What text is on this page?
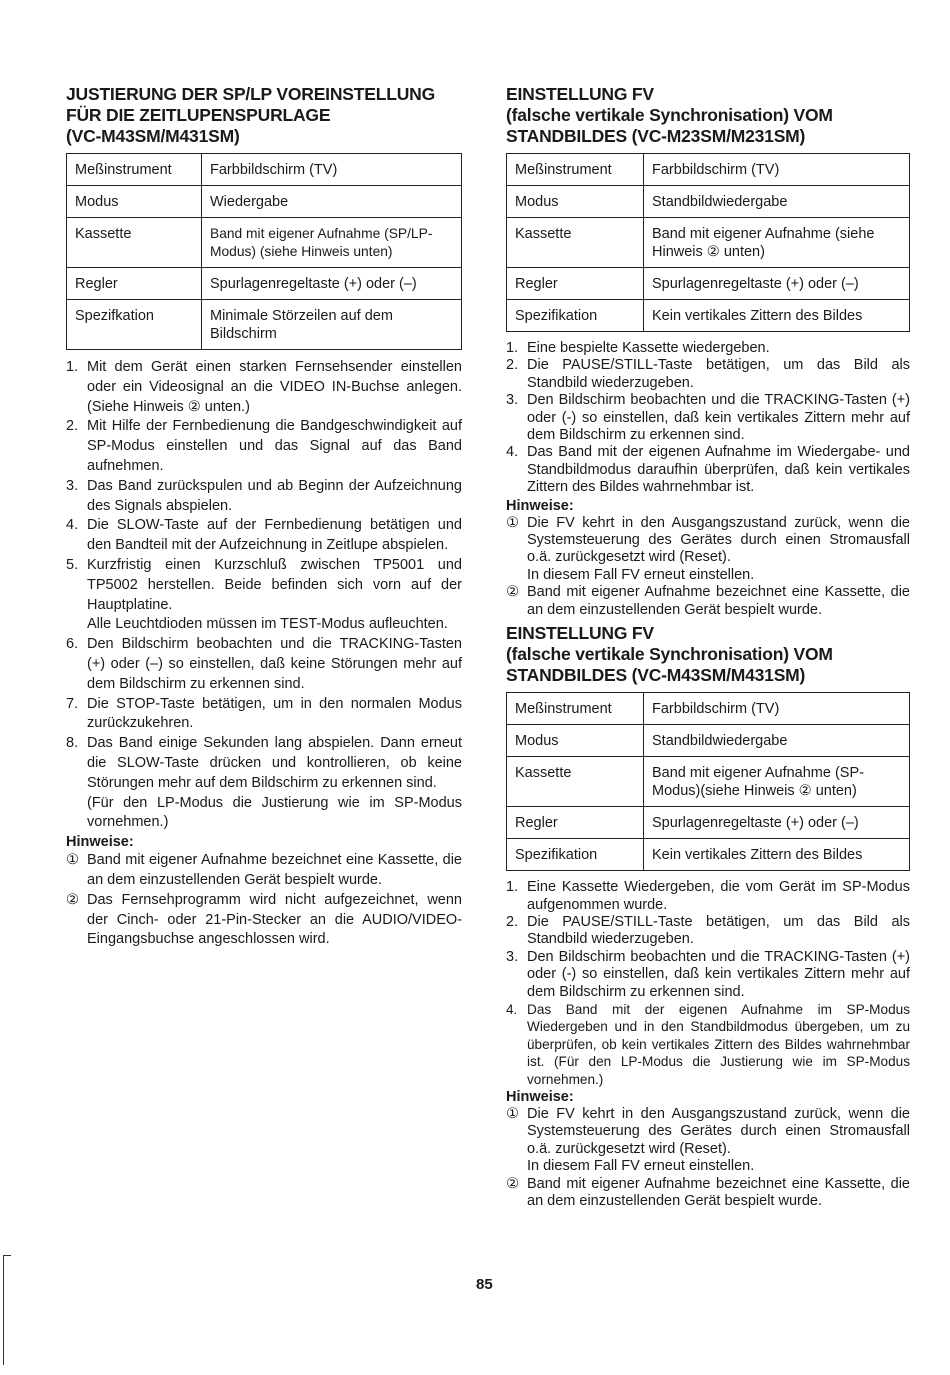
JUSTIERUNG DER SP/LP VOREINSTELLUNG
FÜR DIE ZEITLUPENSPURLAGE
(VC-M43SM/M431SM)
Meßinstrument	Farbbildschirm (TV)
Modus	Wiedergabe
Kassette	Band mit eigener Aufnahme (SP/LP-Modus) (siehe Hinweis unten)
Regler	Spurlagenregeltaste (+) oder (–)
Spezifkation	Minimale Störzeilen auf dem Bildschirm
1. Mit dem Gerät einen starken Fernsehsender einstellen oder ein Videosignal an die VIDEO IN-Buchse anlegen. (Siehe Hinweis ② unten.)
2. Mit Hilfe der Fernbedienung die Bandgeschwindigkeit auf SP-Modus einstellen und das Signal auf das Band aufnehmen.
3. Das Band zurückspulen und ab Beginn der Aufzeichnung des Signals abspielen.
4. Die SLOW-Taste auf der Fernbedienung betätigen und den Bandteil mit der Aufzeichnung in Zeitlupe abspielen.
5. Kurzfristig einen Kurzschluß zwischen TP5001 und TP5002 herstellen. Beide befinden sich vorn auf der Hauptplatine.
Alle Leuchtdioden müssen im TEST-Modus aufleuchten.
6. Den Bildschirm beobachten und die TRACKING-Tasten (+) oder (–) so einstellen, daß keine Störungen mehr auf dem Bildschirm zu erkennen sind.
7. Die STOP-Taste betätigen, um in den normalen Modus zurückzukehren.
8. Das Band einige Sekunden lang abspielen. Dann erneut die SLOW-Taste drücken und kontrollieren, ob keine Störungen mehr auf dem Bildschirm zu erkennen sind.
(Für den LP-Modus die Justierung wie im SP-Modus vornehmen.)

Hinweise:

① Band mit eigener Aufnahme bezeichnet eine Kassette, die an dem einzustellenden Gerät bespielt wurde.
② Das Fernsehprogramm wird nicht aufgezeichnet, wenn der Cinch- oder 21-Pin-Stecker an die AUDIO/VIDEO-Eingangsbuchse angeschlossen wird.
EINSTELLUNG FV
(falsche vertikale Synchronisation) VOM
STANDBILDES (VC-M23SM/M231SM)
Meßinstrument	Farbbildschirm (TV)
Modus	Standbildwiedergabe
Kassette	Band mit eigener Aufnahme (siehe Hinweis ② unten)
Regler	Spurlagenregeltaste (+) oder (–)
Spezifikation	Kein vertikales Zittern des Bildes
1. Eine bespielte Kassette wiedergeben.
2. Die PAUSE/STILL-Taste betätigen, um das Bild als Standbild wiederzugeben.
3. Den Bildschirm beobachten und die TRACKING-Tasten (+) oder (-) so einstellen, daß kein vertikales Zittern mehr auf dem Bildschirm zu erkennen sind.
4. Das Band mit der eigenen Aufnahme im Wiedergabe- und Standbildmodus daraufhin überprüfen, daß kein vertikales Zittern des Bildes wahrnehmbar ist.

Hinweise:

① Die FV kehrt in den Ausgangszustand zurück, wenn die Systemsteuerung des Gerätes durch einen Stromausfall o.ä. zurückgesetzt wird (Reset).
In diesem Fall FV erneut einstellen.
② Band mit eigener Aufnahme bezeichnet eine Kassette, die an dem einzustellenden Gerät bespielt wurde.
EINSTELLUNG FV
(falsche vertikale Synchronisation) VOM
STANDBILDES (VC-M43SM/M431SM)
Meßinstrument	Farbbildschirm (TV)
Modus	Standbildwiedergabe
Kassette	Band mit eigener Aufnahme (SP-Modus)(siehe Hinweis ② unten)
Regler	Spurlagenregeltaste (+) oder (–)
Spezifikation	Kein vertikales Zittern des Bildes
1. Eine Kassette Wiedergeben, die vom Gerät im SP-Modus aufgenommen wurde.
2. Die PAUSE/STILL-Taste betätigen, um das Bild als Standbild wiederzugeben.
3. Den Bildschirm beobachten und die TRACKING-Tasten (+) oder (-) so einstellen, daß kein vertikales Zittern mehr auf dem Bildschirm zu erkennen sind.
4. Das Band mit der eigenen Aufnahme im SP-Modus Wiedergeben und in den Standbildmodus übergeben, um zu überprüfen, ob kein vertikales Zittern des Bildes wahrnehmbar ist. (Für den LP-Modus die Justierung wie im SP-Modus vornehmen.)

Hinweise:

① Die FV kehrt in den Ausgangszustand zurück, wenn die Systemsteuerung des Gerätes durch einen Stromausfall o.ä. zurückgesetzt wird (Reset).
In diesem Fall FV erneut einstellen.
② Band mit eigener Aufnahme bezeichnet eine Kassette, die an dem einzustellenden Gerät bespielt wurde.
85
